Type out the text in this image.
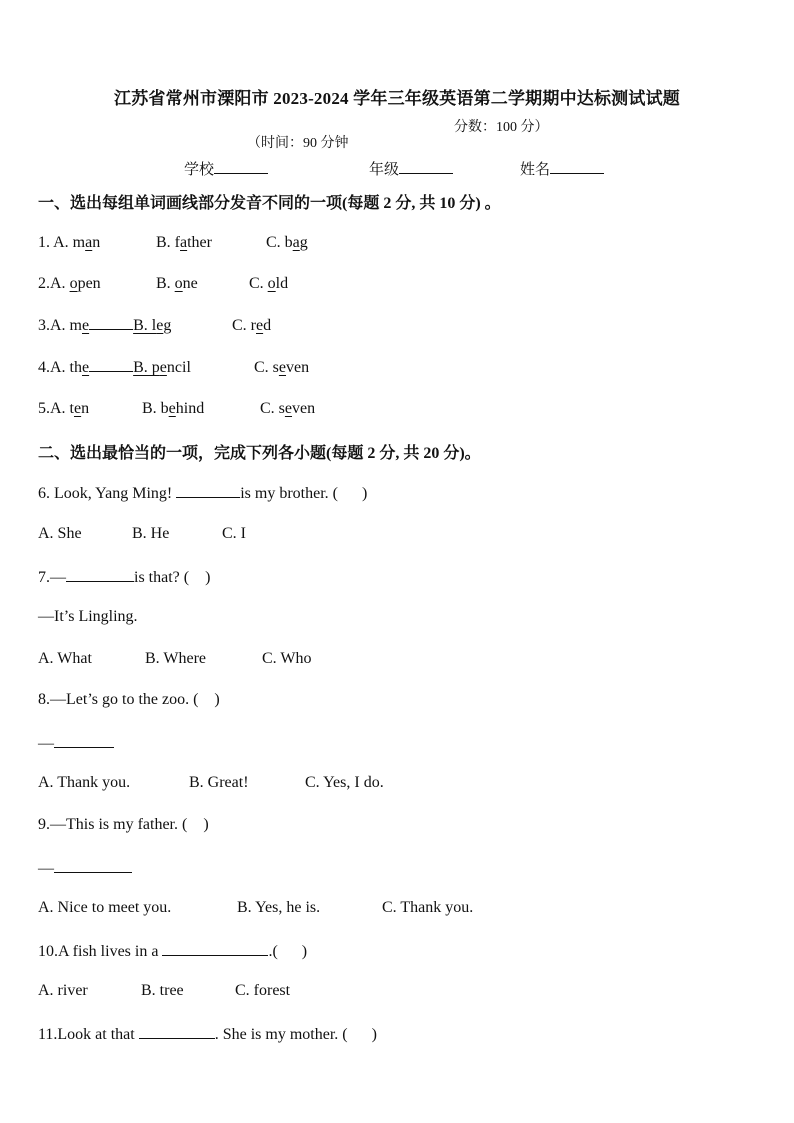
江苏省常州市溧阳市 2023-2024 学年三年级英语第二学期期中达标测试试题

（时间：90 分钟

分数：100 分）

学校	年级	姓名
一、选出每组单词画线部分发音不同的一项(每题 2 分, 共 10 分) 。
1. A. man	B. father	C. bag
2.A. open	B. one	C. old
3.A. me	B. leg	C. red
4.A. the	B. pencil	C. seven
5.A. ten	B. behind	C. seven
二、选出最恰当的一项，完成下列各小题(每题 2 分, 共 20 分)。
6. Look, Yang Ming!	is my brother. ( )
A. She	B. He	C. I
7.—	is that? ( )
—It’s Lingling.
A. What	B. Where	C. Who
8.—Let’s go to the zoo. ( )
—
A. Thank you.	B. Great!	C. Yes, I do.
9.—This is my father. ( )
—
A. Nice to meet you.	B. Yes, he is.	C. Thank you.
10.A fish lives in a	.( )
A. river	B. tree	C. forest
11.Look at that	. She is my mother. ( )
